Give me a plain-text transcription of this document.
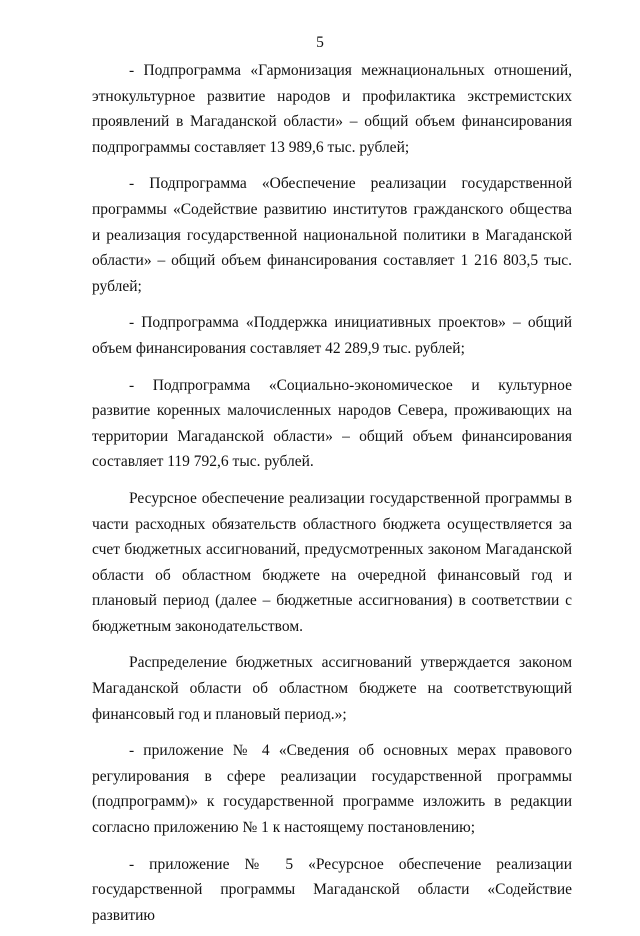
5

- Подпрограмма «Гармонизация межнациональных отношений, этнокультурное развитие народов и профилактика экстремистских проявлений в Магаданской области» – общий объем финансирования подпрограммы составляет 13 989,6 тыс. рублей;

- Подпрограмма «Обеспечение реализации государственной программы «Содействие развитию институтов гражданского общества и реализация государственной национальной политики в Магаданской области» – общий объем финансирования составляет 1 216 803,5 тыс. рублей;

- Подпрограмма «Поддержка инициативных проектов» – общий объем финансирования составляет 42 289,9 тыс. рублей;

- Подпрограмма «Социально-экономическое и культурное развитие коренных малочисленных народов Севера, проживающих на территории Магаданской области» – общий объем финансирования составляет 119 792,6 тыс. рублей.

Ресурсное обеспечение реализации государственной программы в части расходных обязательств областного бюджета осуществляется за счет бюджетных ассигнований, предусмотренных законом Магаданской области об областном бюджете на очередной финансовый год и плановый период (далее – бюджетные ассигнования) в соответствии с бюджетным законодательством.

Распределение бюджетных ассигнований утверждается законом Магаданской области об областном бюджете на соответствующий финансовый год и плановый период.»;

- приложение № 4 «Сведения об основных мерах правового регулирования в сфере реализации государственной программы (подпрограмм)» к государственной программе изложить в редакции согласно приложению № 1 к настоящему постановлению;

- приложение № 5 «Ресурсное обеспечение реализации государственной программы Магаданской области «Содействие развитию
